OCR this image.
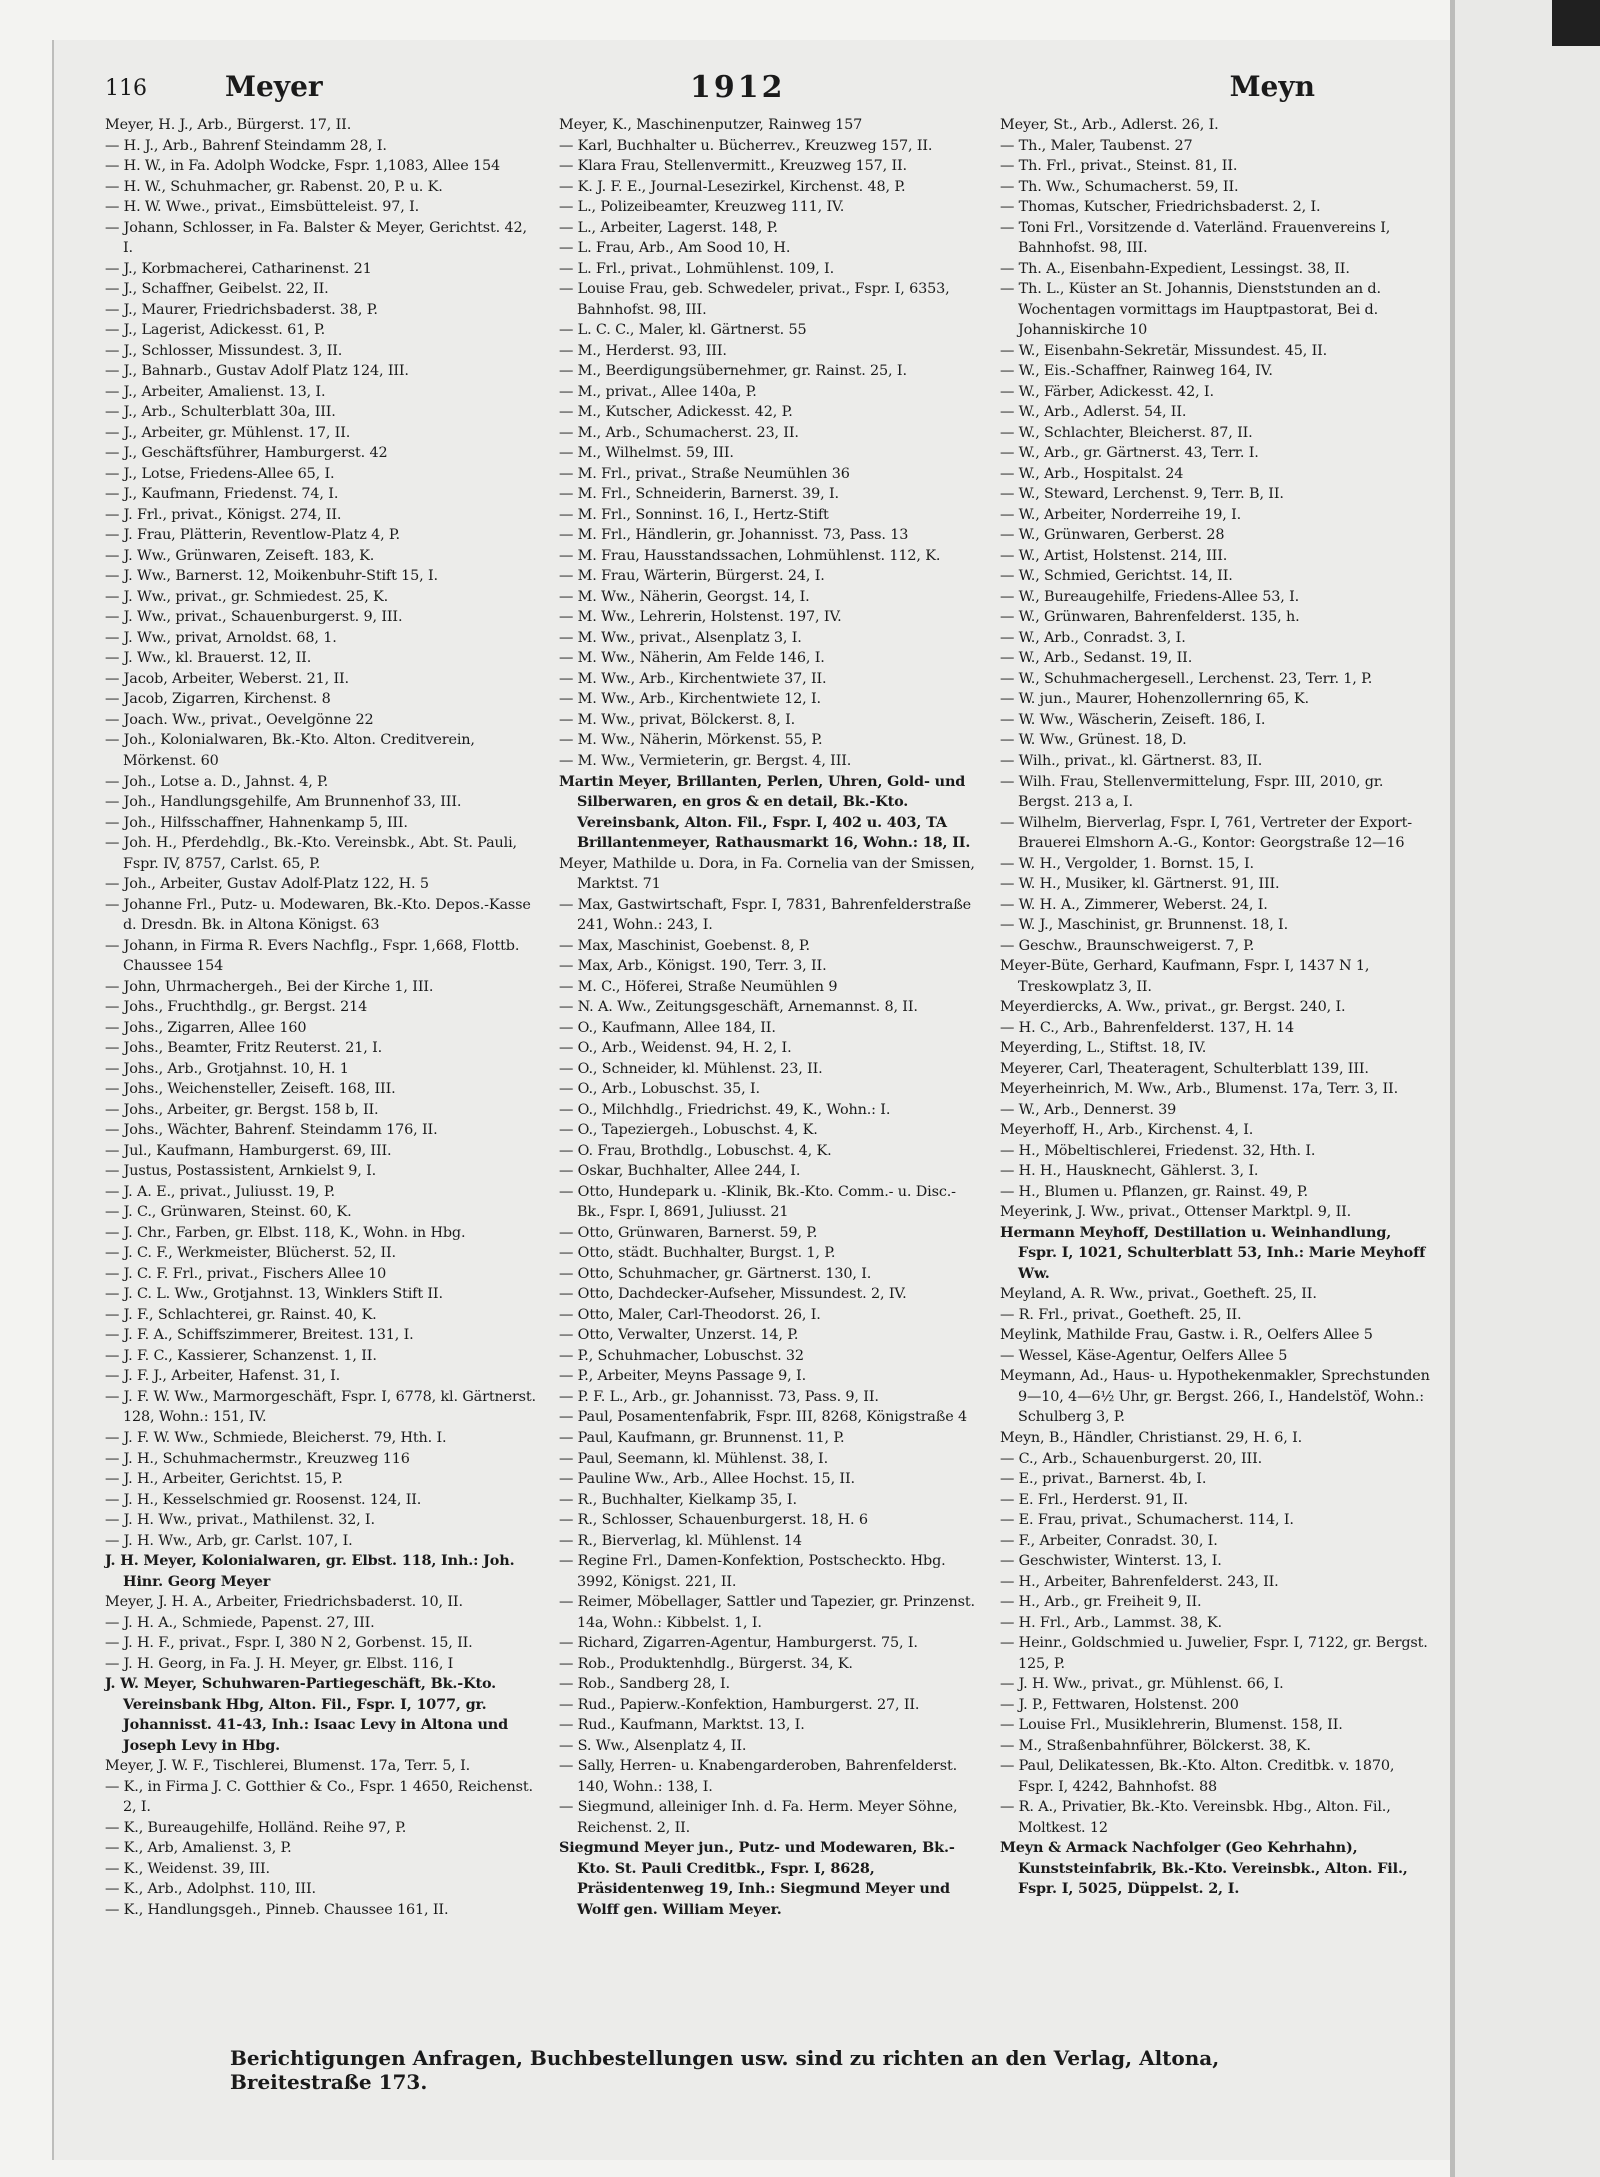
116	Meyer	1912	Meyn
Meyer, H. J., Arb., Bürgerst. 17, II.
— H. J., Arb., Bahrenf Steindamm 28, I.
— H. W., in Fa. Adolph Wodcke, Fspr. 1,1083, Allee 154
— H. W., Schuhmacher, gr. Rabenst. 20, P. u. K.
— H. W. Wwe., privat., Eimsbütteleist. 97, I.
— Johann, Schlosser, in Fa. Balster & Meyer, Gerichtst. 42, I.
— J., Korbmacherei, Catharinenst. 21
— J., Schaffner, Geibelst. 22, II.
— J., Maurer, Friedrichsbaderst. 38, P.
— J., Lagerist, Adickesst. 61, P.
— J., Schlosser, Missundest. 3, II.
— J., Bahnarb., Gustav Adolf Platz 124, III.
— J., Arbeiter, Amalienst. 13, I.
— J., Arb., Schulterblatt 30a, III.
— J., Arbeiter, gr. Mühlenst. 17, II.
— J., Geschäftsführer, Hamburgerst. 42
— J., Lotse, Friedens-Allee 65, I.
— J., Kaufmann, Friedenst. 74, I.
— J. Frl., privat., Königst. 274, II.
— J. Frau, Plätterin, Reventlow-Platz 4, P.
— J. Ww., Grünwaren, Zeiseft. 183, K.
— J. Ww., Barnerst. 12, Moikenbuhr-Stift 15, I.
— J. Ww., privat., gr. Schmiedest. 25, K.
— J. Ww., privat., Schauenburgerst. 9, III.
— J. Ww., privat, Arnoldst. 68, 1.
— J. Ww., kl. Brauerst. 12, II.
— Jacob, Arbeiter, Weberst. 21, II.
— Jacob, Zigarren, Kirchenst. 8
— Joach. Ww., privat., Oevelgönne 22
— Joh., Kolonialwaren, Bk.-Kto. Alton. Creditverein, Mörkenst. 60
— Joh., Lotse a. D., Jahnst. 4, P.
— Joh., Handlungsgehilfe, Am Brunnenhof 33, III.
— Joh., Hilfsschaffner, Hahnenkamp 5, III.
— Joh. H., Pferdehdlg., Bk.-Kto. Vereinsbk., Abt. St. Pauli, Fspr. IV, 8757, Carlst. 65, P.
— Joh., Arbeiter, Gustav Adolf-Platz 122, H. 5
— Johanne Frl., Putz- u. Modewaren, Bk.-Kto. Depos.-Kasse d. Dresdn. Bk. in Altona Königst. 63
— Johann, in Firma R. Evers Nachflg., Fspr. 1,668, Flottb. Chaussee 154
— John, Uhrmachergeh., Bei der Kirche 1, III.
— Johs., Fruchthdlg., gr. Bergst. 214
— Johs., Zigarren, Allee 160
— Johs., Beamter, Fritz Reuterst. 21, I.
— Johs., Arb., Grotjahnst. 10, H. 1
— Johs., Weichensteller, Zeiseft. 168, III.
— Johs., Arbeiter, gr. Bergst. 158 b, II.
— Johs., Wächter, Bahrenf. Steindamm 176, II.
— Jul., Kaufmann, Hamburgerst. 69, III.
— Justus, Postassistent, Arnkielst 9, I.
— J. A. E., privat., Juliusst. 19, P.
— J. C., Grünwaren, Steinst. 60, K.
— J. Chr., Farben, gr. Elbst. 118, K., Wohn. in Hbg.
— J. C. F., Werkmeister, Blücherst. 52, II.
— J. C. F. Frl., privat., Fischers Allee 10
— J. C. L. Ww., Grotjahnst. 13, Winklers Stift II.
— J. F., Schlachterei, gr. Rainst. 40, K.
— J. F. A., Schiffszimmerer, Breitest. 131, I.
— J. F. C., Kassierer, Schanzenst. 1, II.
— J. F. J., Arbeiter, Hafenst. 31, I.
— J. F. W. Ww., Marmorgeschäft, Fspr. I, 6778, kl. Gärtnerst. 128, Wohn.: 151, IV.
— J. F. W. Ww., Schmiede, Bleicherst. 79, Hth. I.
— J. H., Schuhmachermstr., Kreuzweg 116
— J. H., Arbeiter, Gerichtst. 15, P.
— J. H., Kesselschmied gr. Roosenst. 124, II.
— J. H. Ww., privat., Mathilenst. 32, I.
— J. H. Ww., Arb, gr. Carlst. 107, I.
J. H. Meyer, Kolonialwaren, gr. Elbst. 118, Inh.: Joh. Hinr. Georg Meyer
Meyer, J. H. A., Arbeiter, Friedrichsbaderst. 10, II.
— J. H. A., Schmiede, Papenst. 27, III.
— J. H. F., privat., Fspr. I, 380 N 2, Gorbenst. 15, II.
— J. H. Georg, in Fa. J. H. Meyer, gr. Elbst. 116, I
J. W. Meyer, Schuhwaren-Partiegeschäft, Bk.-Kto. Vereinsbank Hbg, Alton. Fil., Fspr. I, 1077, gr. Johannisst. 41-43, Inh.: Isaac Levy in Altona und Joseph Levy in Hbg.
Meyer, J. W. F., Tischlerei, Blumenst. 17a, Terr. 5, I.
— K., in Firma J. C. Gotthier & Co., Fspr. 1 4650, Reichenst. 2, I.
— K., Bureaugehilfe, Holländ. Reihe 97, P.
— K., Arb, Amalienst. 3, P.
— K., Weidenst. 39, III.
— K., Arb., Adolphst. 110, III.
— K., Handlungsgeh., Pinneb. Chaussee 161, II.
Meyer, K., Maschinenputzer, Rainweg 157
— Karl, Buchhalter u. Bücherrev., Kreuzweg 157, II.
— Klara Frau, Stellenvermitt., Kreuzweg 157, II.
— K. J. F. E., Journal-Lesezirkel, Kirchenst. 48, P.
— L., Polizeibeamter, Kreuzweg 111, IV.
— L., Arbeiter, Lagerst. 148, P.
— L. Frau, Arb., Am Sood 10, H.
— L. Frl., privat., Lohmühlenst. 109, I.
— Louise Frau, geb. Schwedeler, privat., Fspr. I, 6353, Bahnhofst. 98, III.
— L. C. C., Maler, kl. Gärtnerst. 55
— M., Herderst. 93, III.
— M., Beerdigungsübernehmer, gr. Rainst. 25, I.
— M., privat., Allee 140a, P.
— M., Kutscher, Adickesst. 42, P.
— M., Arb., Schumacherst. 23, II.
— M., Wilhelmst. 59, III.
— M. Frl., privat., Straße Neumühlen 36
— M. Frl., Schneiderin, Barnerst. 39, I.
— M. Frl., Sonninst. 16, I., Hertz-Stift
— M. Frl., Händlerin, gr. Johannisst. 73, Pass. 13
— M. Frau, Hausstandssachen, Lohmühlenst. 112, K.
— M. Frau, Wärterin, Bürgerst. 24, I.
— M. Ww., Näherin, Georgst. 14, I.
— M. Ww., Lehrerin, Holstenst. 197, IV.
— M. Ww., privat., Alsenplatz 3, I.
— M. Ww., Näherin, Am Felde 146, I.
— M. Ww., Arb., Kirchentwiete 37, II.
— M. Ww., Arb., Kirchentwiete 12, I.
— M. Ww., privat, Bölckerst. 8, I.
— M. Ww., Näherin, Mörkenst. 55, P.
— M. Ww., Vermieterin, gr. Bergst. 4, III.
Martin Meyer, Brillanten, Perlen, Uhren, Gold- und Silberwaren, en gros & en detail, Bk.-Kto. Vereinsbank, Alton. Fil., Fspr. I, 402 u. 403, TA Brillantenmeyer, Rathausmarkt 16, Wohn.: 18, II.
Meyer, Mathilde u. Dora, in Fa. Cornelia van der Smissen, Marktst. 71
— Max, Gastwirtschaft, Fspr. I, 7831, Bahrenfelderstraße 241, Wohn.: 243, I.
— Max, Maschinist, Goebenst. 8, P.
— Max, Arb., Königst. 190, Terr. 3, II.
— M. C., Höferei, Straße Neumühlen 9
— N. A. Ww., Zeitungsgeschäft, Arnemannst. 8, II.
— O., Kaufmann, Allee 184, II.
— O., Arb., Weidenst. 94, H. 2, I.
— O., Schneider, kl. Mühlenst. 23, II.
— O., Arb., Lobuschst. 35, I.
— O., Milchhdlg., Friedrichst. 49, K., Wohn.: I.
— O., Tapeziergeh., Lobuschst. 4, K.
— O. Frau, Brothdlg., Lobuschst. 4, K.
— Oskar, Buchhalter, Allee 244, I.
— Otto, Hundepark u. -Klinik, Bk.-Kto. Comm.- u. Disc.-Bk., Fspr. I, 8691, Juliusst. 21
— Otto, Grünwaren, Barnerst. 59, P.
— Otto, städt. Buchhalter, Burgst. 1, P.
— Otto, Schuhmacher, gr. Gärtnerst. 130, I.
— Otto, Dachdecker-Aufseher, Missundest. 2, IV.
— Otto, Maler, Carl-Theodorst. 26, I.
— Otto, Verwalter, Unzerst. 14, P.
— P., Schuhmacher, Lobuschst. 32
— P., Arbeiter, Meyns Passage 9, I.
— P. F. L., Arb., gr. Johannisst. 73, Pass. 9, II.
— Paul, Posamentenfabrik, Fspr. III, 8268, Königstraße 4
— Paul, Kaufmann, gr. Brunnenst. 11, P.
— Paul, Seemann, kl. Mühlenst. 38, I.
— Pauline Ww., Arb., Allee Hochst. 15, II.
— R., Buchhalter, Kielkamp 35, I.
— R., Schlosser, Schauenburgerst. 18, H. 6
— R., Bierverlag, kl. Mühlenst. 14
— Regine Frl., Damen-Konfektion, Postscheckto. Hbg. 3992, Königst. 221, II.
— Reimer, Möbellager, Sattler und Tapezier, gr. Prinzenst. 14a, Wohn.: Kibbelst. 1, I.
— Richard, Zigarren-Agentur, Hamburgerst. 75, I.
— Rob., Produktenhdlg., Bürgerst. 34, K.
— Rob., Sandberg 28, I.
— Rud., Papierw.-Konfektion, Hamburgerst. 27, II.
— Rud., Kaufmann, Marktst. 13, I.
— S. Ww., Alsenplatz 4, II.
— Sally, Herren- u. Knabengarderoben, Bahrenfelderst. 140, Wohn.: 138, I.
— Siegmund, alleiniger Inh. d. Fa. Herm. Meyer Söhne, Reichenst. 2, II.
Siegmund Meyer jun., Putz- und Modewaren, Bk.-Kto. St. Pauli Creditbk., Fspr. I, 8628, Präsidentenweg 19, Inh.: Siegmund Meyer und Wolff gen. William Meyer.
Meyer, St., Arb., Adlerst. 26, I.
— Th., Maler, Taubenst. 27
— Th. Frl., privat., Steinst. 81, II.
— Th. Ww., Schumacherst. 59, II.
— Thomas, Kutscher, Friedrichsbaderst. 2, I.
— Toni Frl., Vorsitzende d. Vaterländ. Frauenvereins I, Bahnhofst. 98, III.
— Th. A., Eisenbahn-Expedient, Lessingst. 38, II.
— Th. L., Küster an St. Johannis, Dienststunden an d. Wochentagen vormittags im Hauptpastorat, Bei d. Johanniskirche 10
— W., Eisenbahn-Sekretär, Missundest. 45, II.
— W., Eis.-Schaffner, Rainweg 164, IV.
— W., Färber, Adickesst. 42, I.
— W., Arb., Adlerst. 54, II.
— W., Schlachter, Bleicherst. 87, II.
— W., Arb., gr. Gärtnerst. 43, Terr. I.
— W., Arb., Hospitalst. 24
— W., Steward, Lerchenst. 9, Terr. B, II.
— W., Arbeiter, Norderreihe 19, I.
— W., Grünwaren, Gerberst. 28
— W., Artist, Holstenst. 214, III.
— W., Schmied, Gerichtst. 14, II.
— W., Bureaugehilfe, Friedens-Allee 53, I.
— W., Grünwaren, Bahrenfelderst. 135, h.
— W., Arb., Conradst. 3, I.
— W., Arb., Sedanst. 19, II.
— W., Schuhmachergesell., Lerchenst. 23, Terr. 1, P.
— W. jun., Maurer, Hohenzollernring 65, K.
— W. Ww., Wäscherin, Zeiseft. 186, I.
— W. Ww., Grünest. 18, D.
— Wilh., privat., kl. Gärtnerst. 83, II.
— Wilh. Frau, Stellenvermittelung, Fspr. III, 2010, gr. Bergst. 213 a, I.
— Wilhelm, Bierverlag, Fspr. I, 761, Vertreter der Export-Brauerei Elmshorn A.-G., Kontor: Georgstraße 12—16
— W. H., Vergolder, 1. Bornst. 15, I.
— W. H., Musiker, kl. Gärtnerst. 91, III.
— W. H. A., Zimmerer, Weberst. 24, I.
— W. J., Maschinist, gr. Brunnenst. 18, I.
— Geschw., Braunschweigerst. 7, P.
Meyer-Büte, Gerhard, Kaufmann, Fspr. I, 1437 N 1, Treskowplatz 3, II.
Meyerdiercks, A. Ww., privat., gr. Bergst. 240, I.
— H. C., Arb., Bahrenfelderst. 137, H. 14
Meyerding, L., Stiftst. 18, IV.
Meyerer, Carl, Theateragent, Schulterblatt 139, III.
Meyerheinrich, M. Ww., Arb., Blumenst. 17a, Terr. 3, II.
— W., Arb., Dennerst. 39
Meyerhoff, H., Arb., Kirchenst. 4, I.
— H., Möbeltischlerei, Friedenst. 32, Hth. I.
— H. H., Hausknecht, Gählerst. 3, I.
— H., Blumen u. Pflanzen, gr. Rainst. 49, P.
Meyerink, J. Ww., privat., Ottenser Marktpl. 9, II.
Hermann Meyhoff, Destillation u. Weinhandlung, Fspr. I, 1021, Schulterblatt 53, Inh.: Marie Meyhoff Ww.
Meyland, A. R. Ww., privat., Goetheft. 25, II.
— R. Frl., privat., Goetheft. 25, II.
Meylink, Mathilde Frau, Gastw. i. R., Oelfers Allee 5
— Wessel, Käse-Agentur, Oelfers Allee 5
Meymann, Ad., Haus- u. Hypothekenmakler, Sprechstunden 9—10, 4—6½ Uhr, gr. Bergst. 266, I., Handelstöf, Wohn.: Schulberg 3, P.
Meyn, B., Händler, Christianst. 29, H. 6, I.
— C., Arb., Schauenburgerst. 20, III.
— E., privat., Barnerst. 4b, I.
— E. Frl., Herderst. 91, II.
— E. Frau, privat., Schumacherst. 114, I.
— F., Arbeiter, Conradst. 30, I.
— Geschwister, Winterst. 13, I.
— H., Arbeiter, Bahrenfelderst. 243, II.
— H., Arb., gr. Freiheit 9, II.
— H. Frl., Arb., Lammst. 38, K.
— Heinr., Goldschmied u. Juwelier, Fspr. I, 7122, gr. Bergst. 125, P.
— J. H. Ww., privat., gr. Mühlenst. 66, I.
— J. P., Fettwaren, Holstenst. 200
— Louise Frl., Musiklehrerin, Blumenst. 158, II.
— M., Straßenbahnführer, Bölckerst. 38, K.
— Paul, Delikatessen, Bk.-Kto. Alton. Creditbk. v. 1870, Fspr. I, 4242, Bahnhofst. 88
— R. A., Privatier, Bk.-Kto. Vereinsbk. Hbg., Alton. Fil., Moltkest. 12
Meyn & Armack Nachfolger (Geo Kehrhahn), Kunststeinfabrik, Bk.-Kto. Vereinsbk., Alton. Fil., Fspr. I, 5025, Düppelst. 2, I.
Berichtigungen Anfragen, Buchbestellungen usw. sind zu richten an den Verlag, Altona, Breitestraße 173.
